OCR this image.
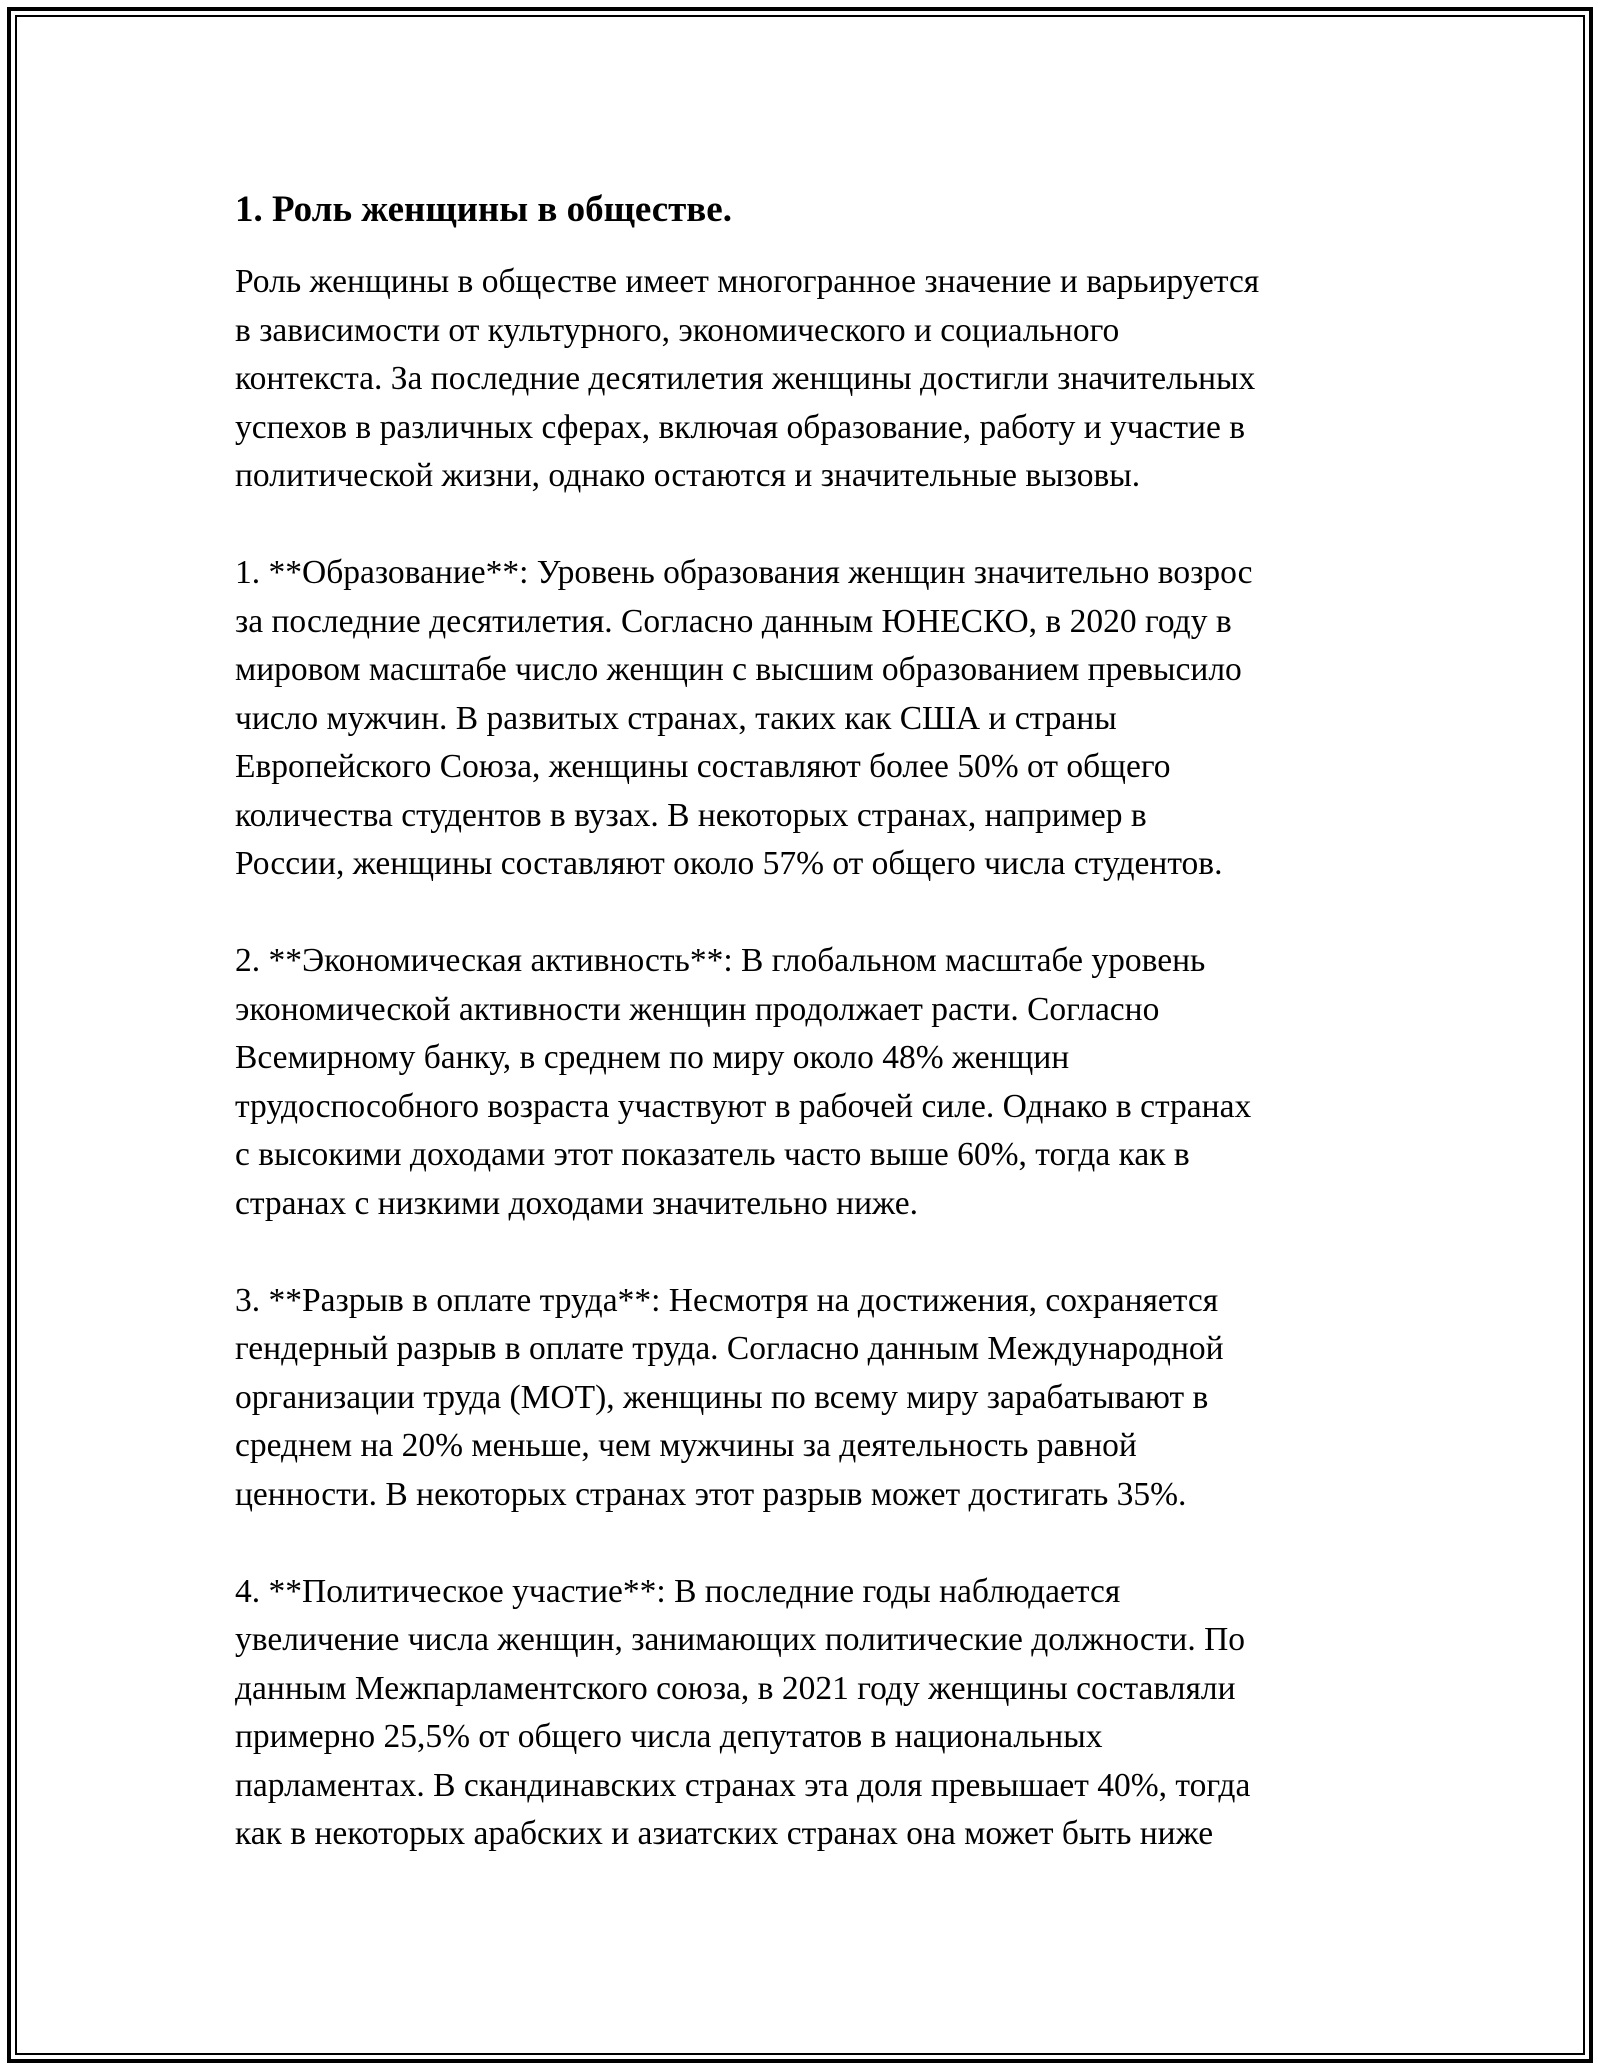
1. Роль женщины в обществе.

Роль женщины в обществе имеет многогранное значение и варьируется
в зависимости от культурного, экономического и социального
контекста. За последние десятилетия женщины достигли значительных
успехов в различных сферах, включая образование, работу и участие в
политической жизни, однако остаются и значительные вызовы.

1. **Образование**: Уровень образования женщин значительно возрос
за последние десятилетия. Согласно данным ЮНЕСКО, в 2020 году в
мировом масштабе число женщин с высшим образованием превысило
число мужчин. В развитых странах, таких как США и страны
Европейского Союза, женщины составляют более 50% от общего
количества студентов в вузах. В некоторых странах, например в
России, женщины составляют около 57% от общего числа студентов.

2. **Экономическая активность**: В глобальном масштабе уровень
экономической активности женщин продолжает расти. Согласно
Всемирному банку, в среднем по миру около 48% женщин
трудоспособного возраста участвуют в рабочей силе. Однако в странах
с высокими доходами этот показатель часто выше 60%, тогда как в
странах с низкими доходами значительно ниже.

3. **Разрыв в оплате труда**: Несмотря на достижения, сохраняется
гендерный разрыв в оплате труда. Согласно данным Международной
организации труда (МОТ), женщины по всему миру зарабатывают в
среднем на 20% меньше, чем мужчины за деятельность равной
ценности. В некоторых странах этот разрыв может достигать 35%.

4. **Политическое участие**: В последние годы наблюдается
увеличение числа женщин, занимающих политические должности. По
данным Межпарламентского союза, в 2021 году женщины составляли
примерно 25,5% от общего числа депутатов в национальных
парламентах. В скандинавских странах эта доля превышает 40%, тогда
как в некоторых арабских и азиатских странах она может быть ниже
